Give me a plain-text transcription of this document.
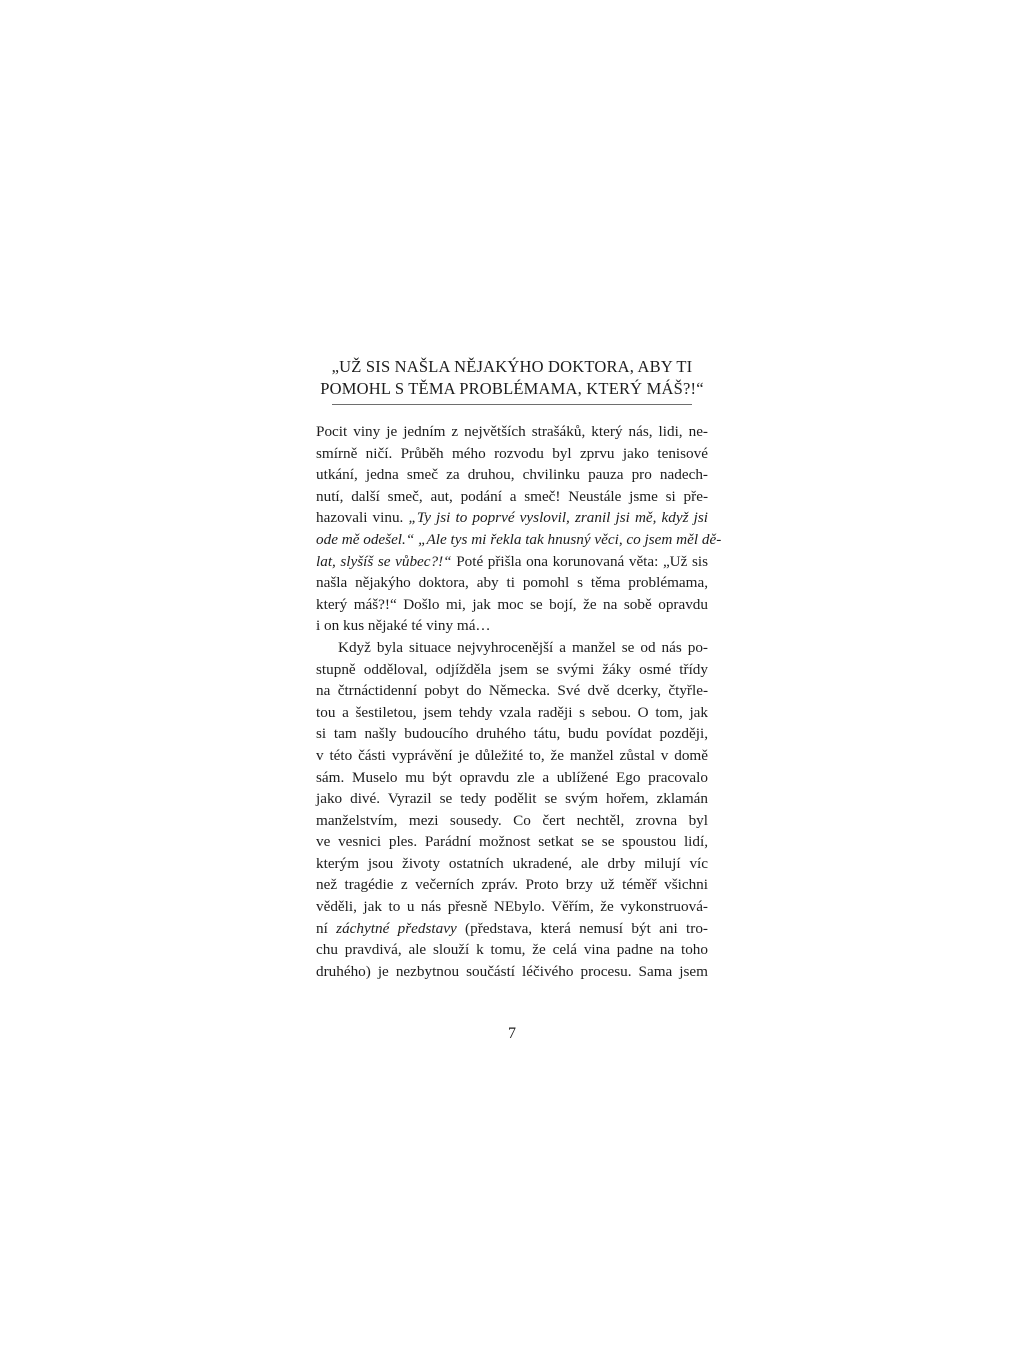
„UŽ SIS NAŠLA NĚJAKÝHO DOKTORA, ABY TI
POMOHL S TĚMA PROBLÉMAMA, KTERÝ MÁŠ?!“
Pocit viny je jedním z největších strašáků, který nás, lidi, ne-
smírně ničí. Průběh mého rozvodu byl zprvu jako tenisové
utkání, jedna smeč za druhou, chvilinku pauza pro nadech-
nutí, další smeč, aut, podání a smeč! Neustále jsme si pře-
hazovali vinu. „Ty jsi to poprvé vyslovil, zranil jsi mě, když jsi
ode mě odešel.“ „Ale tys mi řekla tak hnusný věci, co jsem měl dě-
lat, slyšíš se vůbec?!“ Poté přišla ona korunovaná věta: „Už sis
našla nějakýho doktora, aby ti pomohl s těma problémama,
který máš?!“ Došlo mi, jak moc se bojí, že na sobě opravdu
i on kus nějaké té viny má…
Když byla situace nejvyhrocenější a manžel se od nás po-
stupně odděloval, odjížděla jsem se svými žáky osmé třídy
na čtrnáctidenní pobyt do Německa. Své dvě dcerky, čtyřle-
tou a šestiletou, jsem tehdy vzala raději s sebou. O tom, jak
si tam našly budoucího druhého tátu, budu povídat později,
v této části vyprávění je důležité to, že manžel zůstal v domě
sám. Muselo mu být opravdu zle a ublížené Ego pracovalo
jako divé. Vyrazil se tedy podělit se svým hořem, zklamán
manželstvím, mezi sousedy. Co čert nechtěl, zrovna byl
ve vesnici ples. Parádní možnost setkat se se spoustou lidí,
kterým jsou životy ostatních ukradené, ale drby milují víc
než tragédie z večerních zpráv. Proto brzy už téměř všichni
věděli, jak to u nás přesně NEbylo. Věřím, že vykonstruová-
ní záchytné představy (představa, která nemusí být ani tro-
chu pravdivá, ale slouží k tomu, že celá vina padne na toho
druhého) je nezbytnou součástí léčivého procesu. Sama jsem
7
